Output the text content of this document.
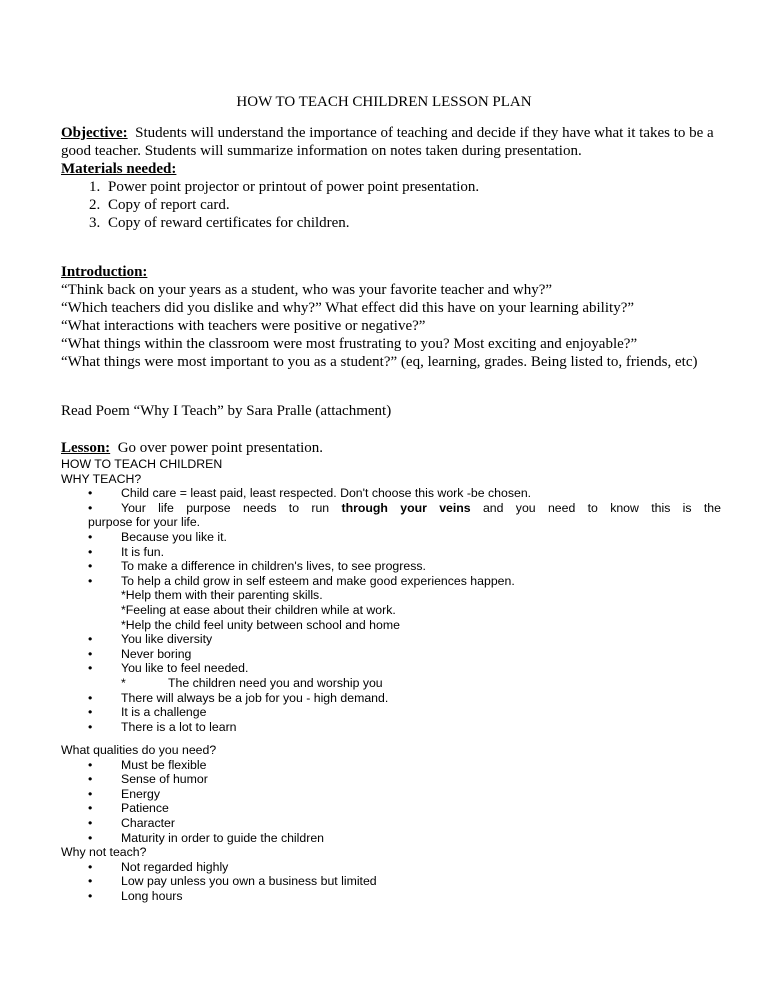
HOW TO TEACH CHILDREN LESSON PLAN

Objective: Students will understand the importance of teaching and decide if they have what it takes to be a good teacher. Students will summarize information on notes taken during presentation.

Materials needed:

1. Power point projector or printout of power point presentation.
2. Copy of report card.
3. Copy of reward certificates for children.

Introduction:

“Think back on your years as a student, who was your favorite teacher and why?”

“Which teachers did you dislike and why?” What effect did this have on your learning ability?”

“What interactions with teachers were positive or negative?”

“What things within the classroom were most frustrating to you? Most exciting and enjoyable?”

“What things were most important to you as a student?” (eq, learning, grades. Being listed to, friends, etc)

Read Poem “Why I Teach” by Sara Pralle (attachment)

Lesson: Go over power point presentation.

HOW TO TEACH CHILDREN

WHY TEACH?

• Child care = least paid, least respected. Don't choose this work -be chosen.
• Your life purpose needs to run through your veins and you need to know this is the

purpose for your life.

• Because you like it.
• It is fun.
• To make a difference in children's lives, to see progress.
• To help a child grow in self esteem and make good experiences happen.

*Help them with their parenting skills.

*Feeling at ease about their children while at work.

*Help the child feel unity between school and home

• You like diversity
• Never boring
• You like to feel needed.
*	The children need you and worship you
• There will always be a job for you - high demand.
• It is a challenge
• There is a lot to learn

What qualities do you need?

• Must be flexible
• Sense of humor
• Energy
• Patience
• Character
• Maturity in order to guide the children

Why not teach?

• Not regarded highly
• Low pay unless you own a business but limited
• Long hours
